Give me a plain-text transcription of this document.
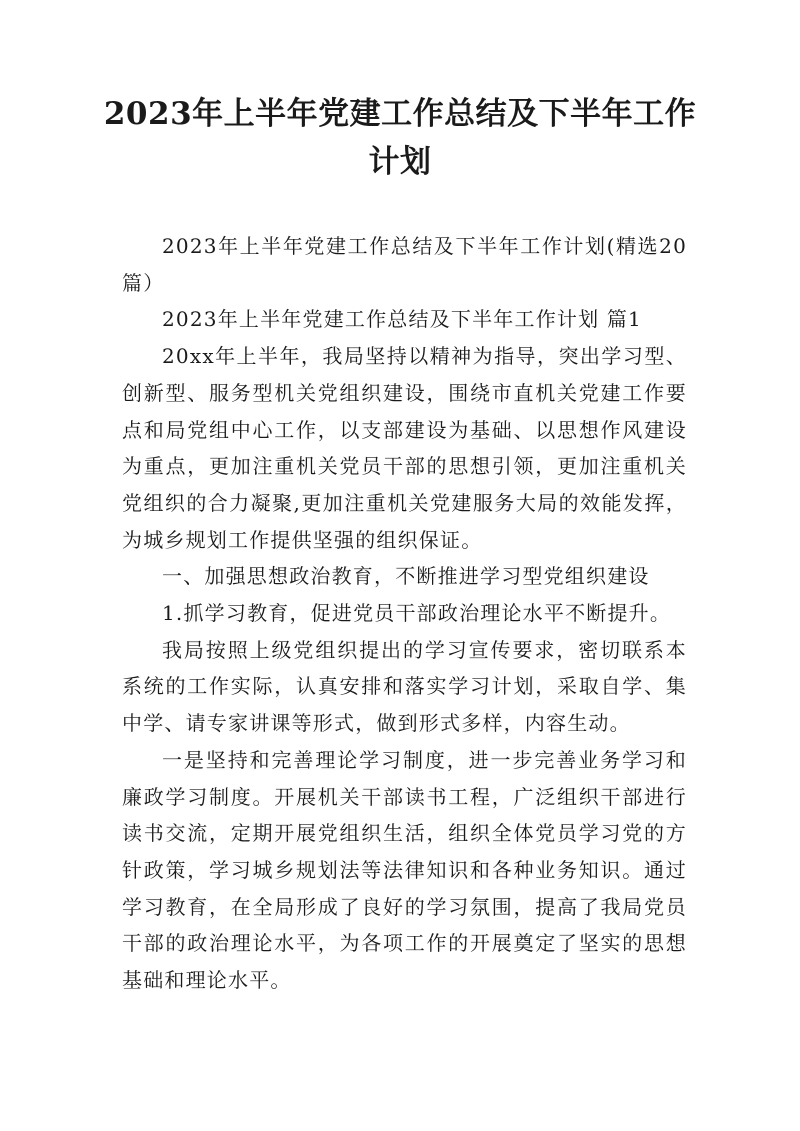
2023年上半年党建工作总结及下半年工作计划

2023年上半年党建工作总结及下半年工作计划(精选20篇）

2023年上半年党建工作总结及下半年工作计划 篇1

20xx年上半年，我局坚持以精神为指导，突出学习型、创新型、服务型机关党组织建设，围绕市直机关党建工作要点和局党组中心工作，以支部建设为基础、以思想作风建设为重点，更加注重机关党员干部的思想引领，更加注重机关党组织的合力凝聚,更加注重机关党建服务大局的效能发挥，为城乡规划工作提供坚强的组织保证。

一、加强思想政治教育，不断推进学习型党组织建设

1.抓学习教育，促进党员干部政治理论水平不断提升。

我局按照上级党组织提出的学习宣传要求，密切联系本系统的工作实际，认真安排和落实学习计划，采取自学、集中学、请专家讲课等形式，做到形式多样，内容生动。

一是坚持和完善理论学习制度，进一步完善业务学习和廉政学习制度。开展机关干部读书工程，广泛组织干部进行读书交流，定期开展党组织生活，组织全体党员学习党的方针政策，学习城乡规划法等法律知识和各种业务知识。通过学习教育，在全局形成了良好的学习氛围，提高了我局党员干部的政治理论水平，为各项工作的开展奠定了坚实的思想基础和理论水平。
